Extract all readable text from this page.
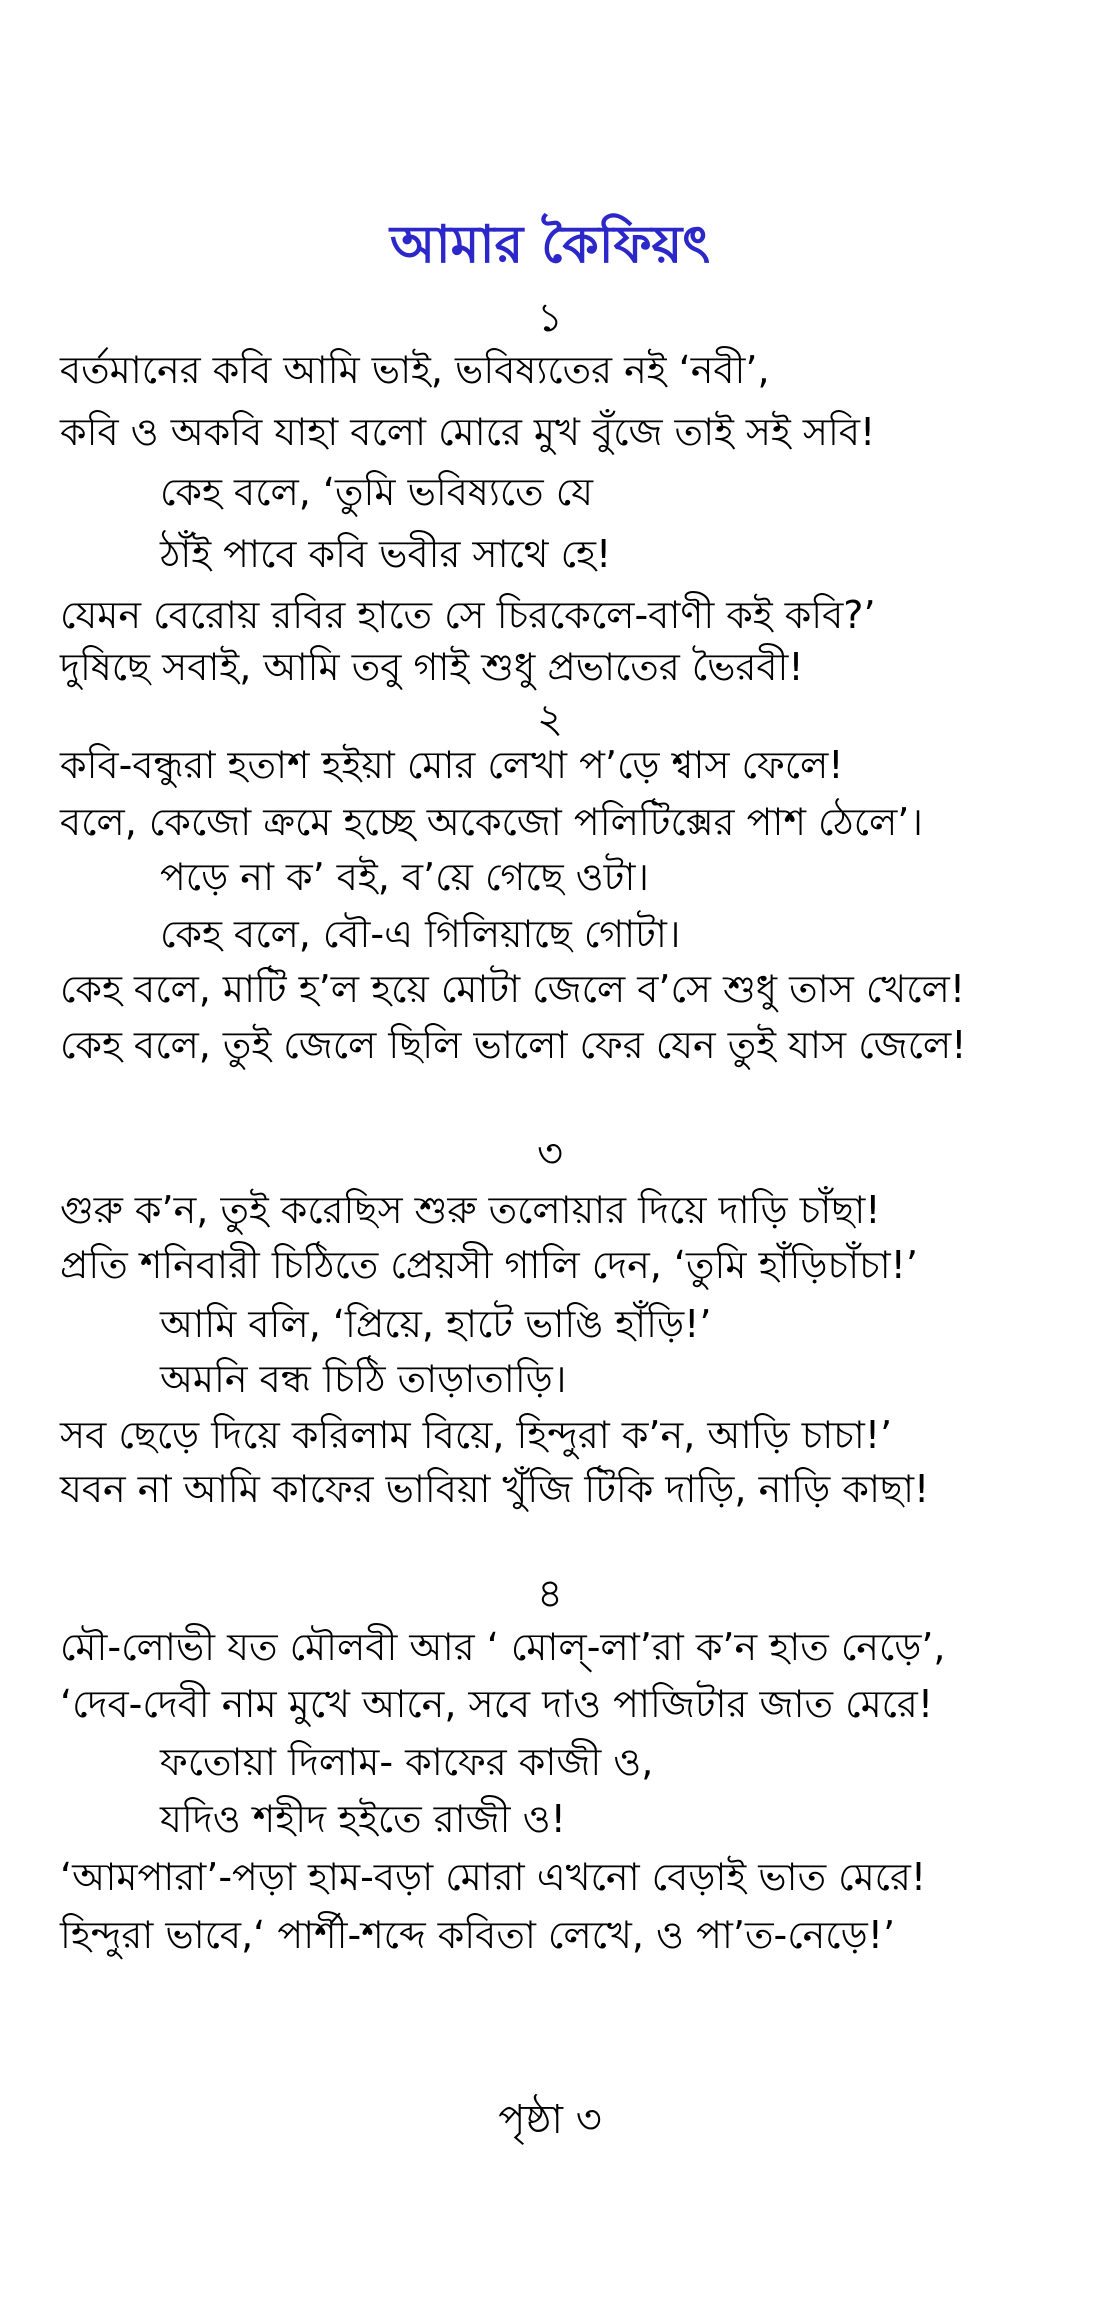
আমার কৈফিয়ৎ
১
বর্তমানের কবি আমি ভাই, ভবিষ্যতের নই ‘নবী’,
কবি ও অকবি যাহা বলো মোরে মুখ বুঁজে তাই সই সবি!
কেহ বলে, ‘তুমি ভবিষ্যতে যে
ঠাঁই পাবে কবি ভবীর সাথে হে!
যেমন বেরোয় রবির হাতে সে চিরকেলে-বাণী কই কবি?’
দুষিছে সবাই, আমি তবু গাই শুধু প্রভাতের ভৈরবী!
২
কবি-বন্ধুরা হতাশ হইয়া মোর লেখা প’ড়ে শ্বাস ফেলে!
বলে, কেজো ক্রমে হচ্ছে অকেজো পলিটিক্সের পাশ ঠেলে’।
পড়ে না ক’ বই, ব’য়ে গেছে ওটা।
কেহ বলে, বৌ-এ গিলিয়াছে গোটা।
কেহ বলে, মাটি হ’ল হয়ে মোটা জেলে ব’সে শুধু তাস খেলে!
কেহ বলে, তুই জেলে ছিলি ভালো ফের যেন তুই যাস জেলে!
৩
গুরু ক’ন, তুই করেছিস শুরু তলোয়ার দিয়ে দাড়ি চাঁছা!
প্রতি শনিবারী চিঠিতে প্রেয়সী গালি দেন, ‘তুমি হাঁড়িচাঁচা!’
আমি বলি, ‘প্রিয়ে, হাটে ভাঙি হাঁড়ি!’
অমনি বন্ধ চিঠি তাড়াতাড়ি।
সব ছেড়ে দিয়ে করিলাম বিয়ে, হিন্দুরা ক’ন, আড়ি চাচা!’
যবন না আমি কাফের ভাবিয়া খুঁজি টিকি দাড়ি, নাড়ি কাছা!
৪
মৌ-লোভী যত মৌলবী আর ‘ মোল্-লা’রা ক’ন হাত নেড়ে’,
‘দেব-দেবী নাম মুখে আনে, সবে দাও পাজিটার জাত মেরে!
ফতোয়া দিলাম- কাফের কাজী ও,
যদিও শহীদ হইতে রাজী ও!
‘আমপারা’-পড়া হাম-বড়া মোরা এখনো বেড়াই ভাত মেরে!
হিন্দুরা ভাবে,‘ পার্শী-শব্দে কবিতা লেখে, ও পা’ত-নেড়ে!’
পৃষ্ঠা ৩
